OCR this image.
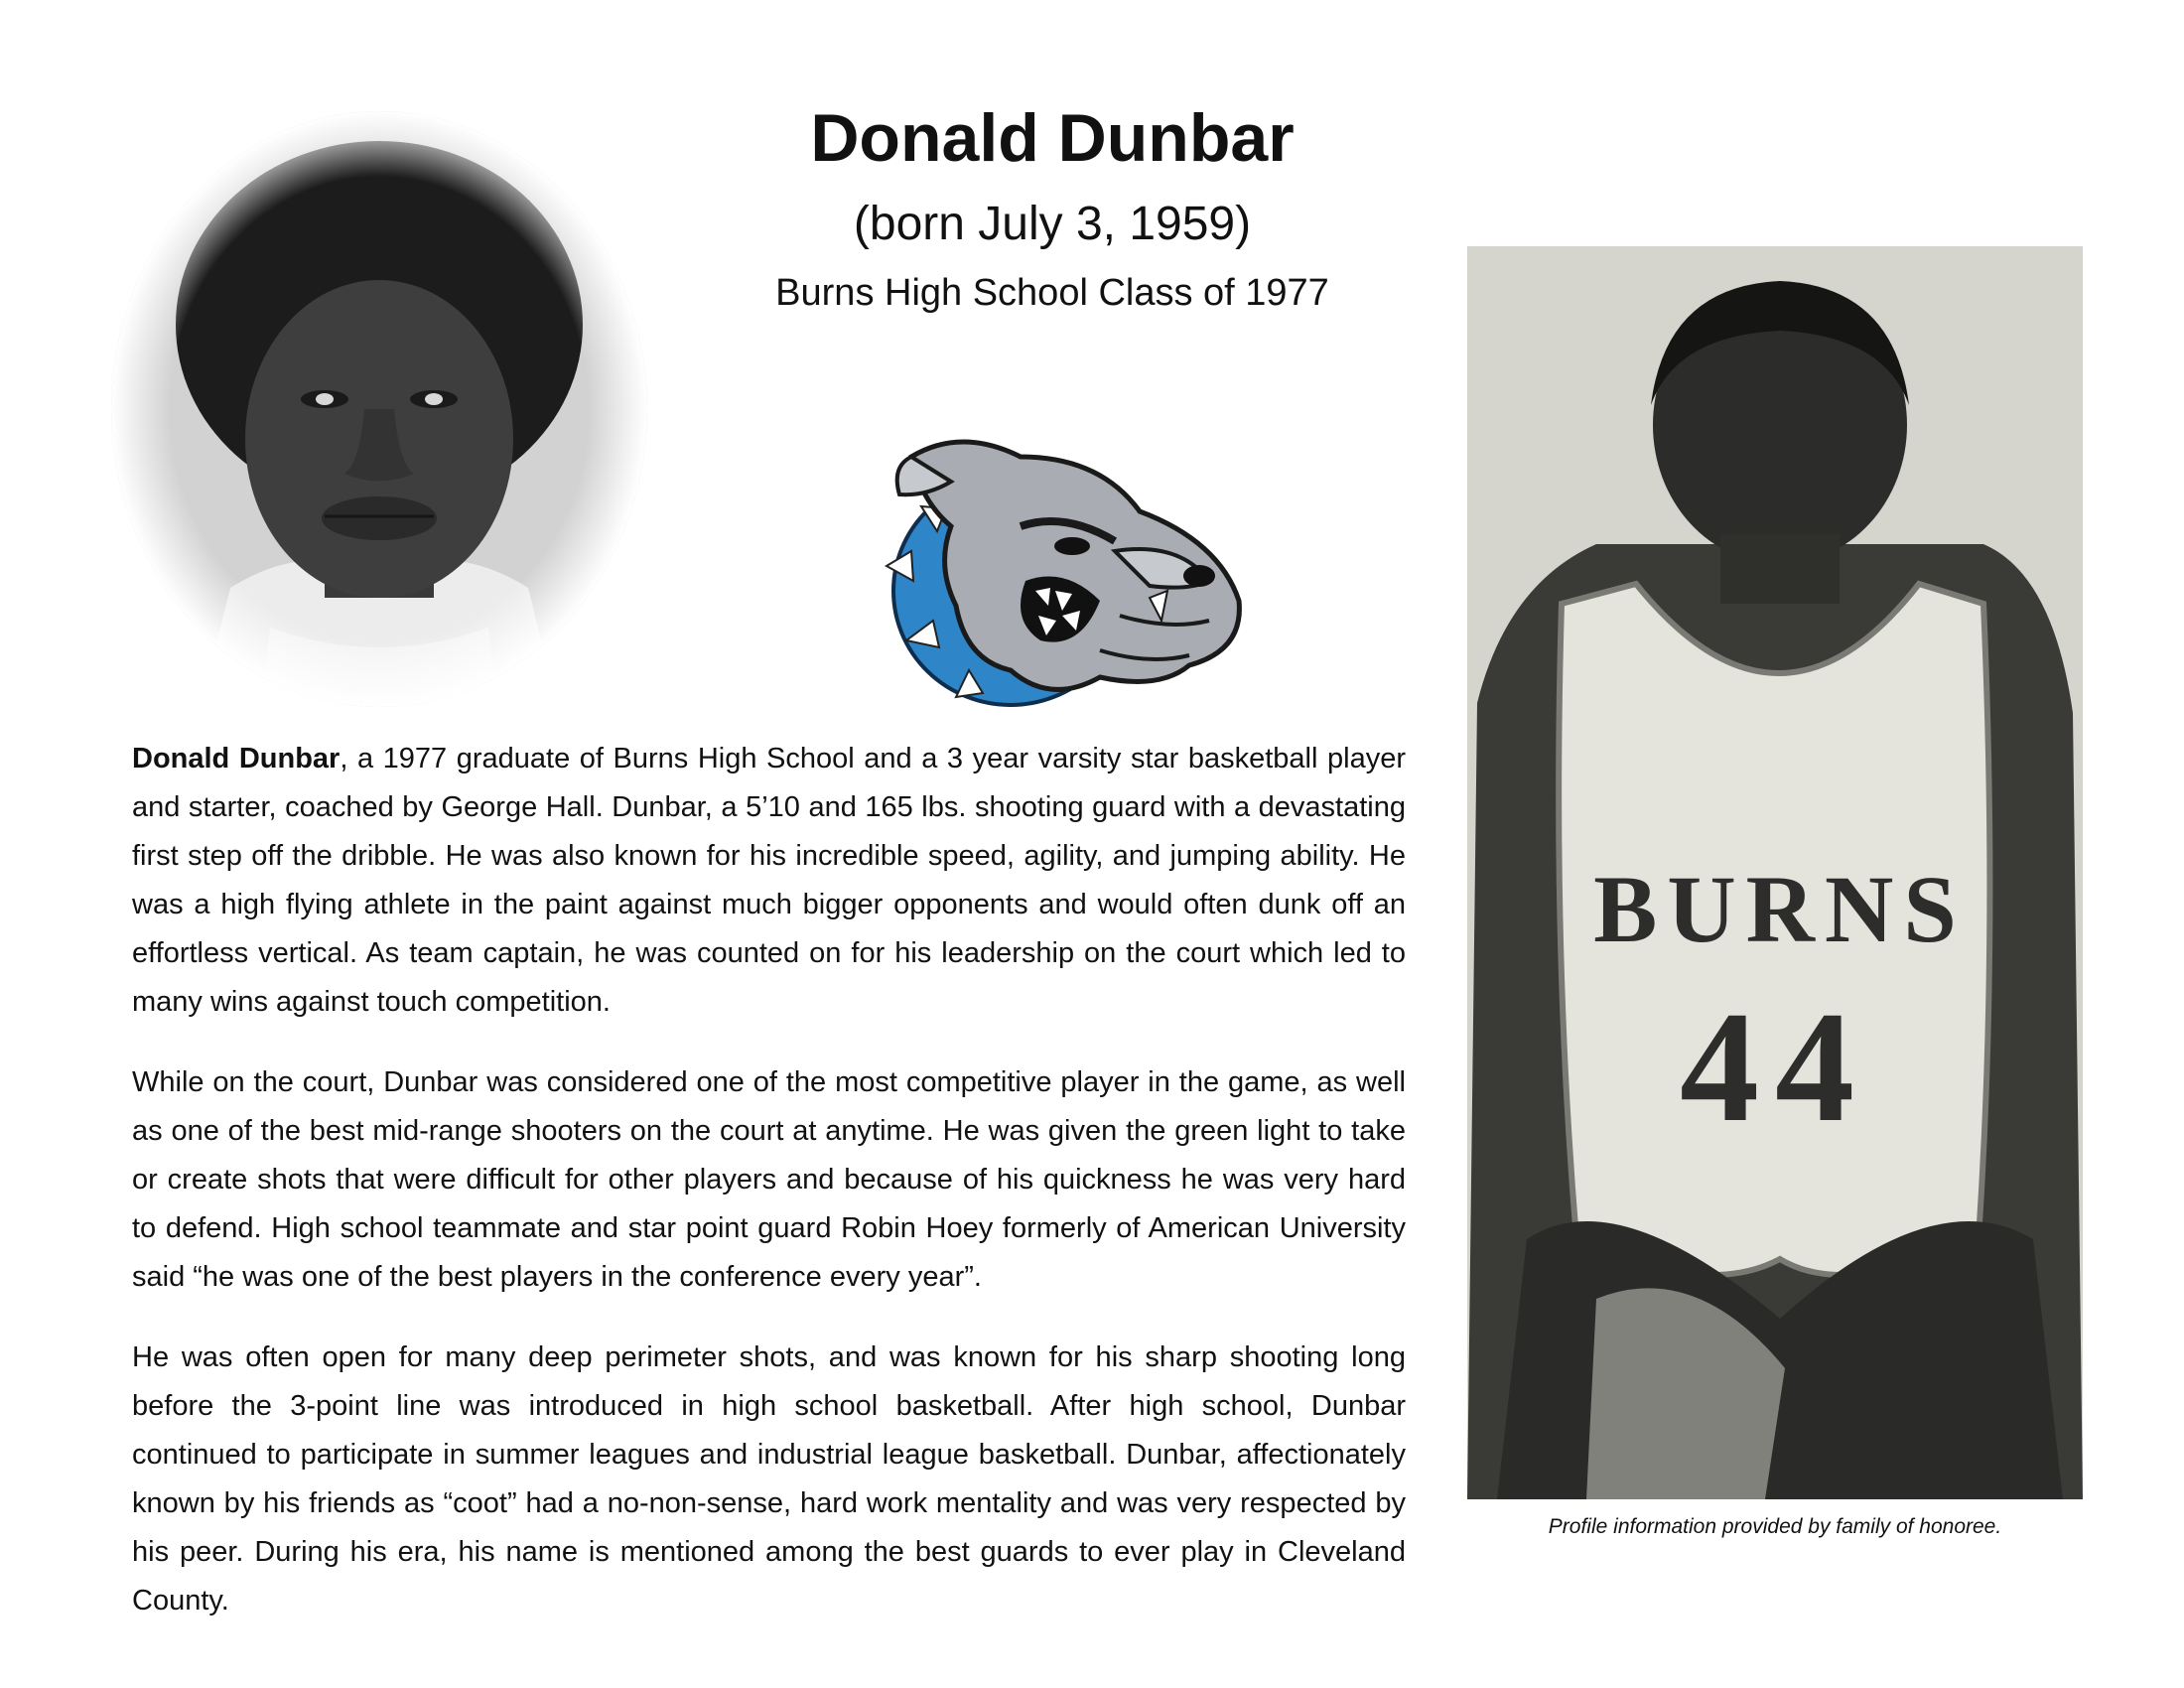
Donald Dunbar
(born July 3, 1959)
Burns High School Class of 1977
BURNS
44
Profile information provided by family of honoree.

Donald Dunbar, a 1977 graduate of Burns High School and a 3 year varsity star basketball player and starter, coached by George Hall. Dunbar, a 5’10 and 165 lbs. shooting guard with a devastating first step off the dribble. He was also known for his incredible speed, agility, and jumping ability. He was a high flying athlete in the paint against much bigger opponents and would often dunk off an effortless vertical. As team captain, he was counted on for his leadership on the court which led to many wins against touch competition.

While on the court, Dunbar was considered one of the most competitive player in the game, as well as one of the best mid-range shooters on the court at anytime. He was given the green light to take or create shots that were difficult for other players and because of his quickness he was very hard to defend. High school teammate and star point guard Robin Hoey formerly of American University said “he was one of the best players in the conference every year”.

He was often open for many deep perimeter shots, and was known for his sharp shooting long before the 3-point line was introduced in high school basketball. After high school, Dunbar continued to participate in summer leagues and industrial league basketball. Dunbar, affectionately known by his friends as “coot” had a no-non-sense, hard work mentality and was very respected by his peer. During his era, his name is mentioned among the best guards to ever play in Cleveland County.
